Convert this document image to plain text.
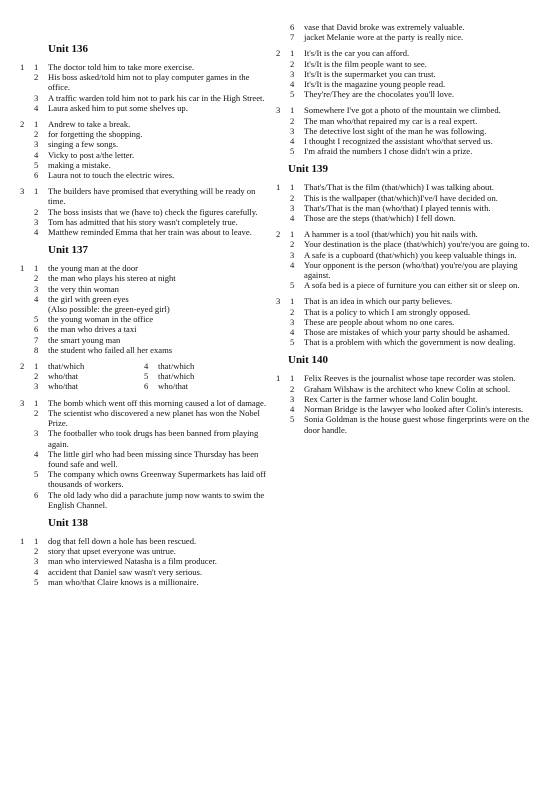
Unit 136
1	1	The doctor told him to take more exercise.
2	His boss asked/told him not to play computer games in the office.
3	A traffic warden told him not to park his car in the High Street.
4	Laura asked him to put some shelves up.
2	1	Andrew to take a break.
2	for forgetting the shopping.
3	singing a few songs.
4	Vicky to post a/the letter.
5	making a mistake.
6	Laura not to touch the electric wires.
3	1	The builders have promised that everything will be ready on time.
2	The boss insists that we (have to) check the figures carefully.
3	Tom has admitted that his story wasn't completely true.
4	Matthew reminded Emma that her train was about to leave.
Unit 137
1	1	the young man at the door
2	the man who plays his stereo at night
3	the very thin woman
4	the girl with green eyes
(Also possible: the green-eyed girl)
5	the young woman in the office
6	the man who drives a taxi
7	the smart young man
8	the student who failed all her exams
2	1	that/which	4	that/which
2	who/that	5	that/which
3	who/that	6	who/that
3	1	The bomb which went off this morning caused a lot of damage.
2	The scientist who discovered a new planet has won the Nobel Prize.
3	The footballer who took drugs has been banned from playing again.
4	The little girl who had been missing since Thursday has been found safe and well.
5	The company which owns Greenway Supermarkets has laid off thousands of workers.
6	The old lady who did a parachute jump now wants to swim the English Channel.
Unit 138
1	1	dog that fell down a hole has been rescued.
2	story that upset everyone was untrue.
3	man who interviewed Natasha is a film producer.
4	accident that Daniel saw wasn't very serious.
5	man who/that Claire knows is a millionaire.
6	vase that David broke was extremely valuable.
7	jacket Melanie wore at the party is really nice.
2	1	It's/It is the car you can afford.
2	It's/It is the film people want to see.
3	It's/It is the supermarket you can trust.
4	It's/It is the magazine young people read.
5	They're/They are the chocolates you'll love.
3	1	Somewhere I've got a photo of the mountain we climbed.
2	The man who/that repaired my car is a real expert.
3	The detective lost sight of the man he was following.
4	I thought I recognized the assistant who/that served us.
5	I'm afraid the numbers I chose didn't win a prize.
Unit 139
1	1	That's/That is the film (that/which) I was talking about.
2	This is the wallpaper (that/which)I've/I have decided on.
3	That's/That is the man (who/that) I played tennis with.
4	Those are the steps (that/which) I fell down.
2	1	A hammer is a tool (that/which) you hit nails with.
2	Your destination is the place (that/which) you're/you are going to.
3	A safe is a cupboard (that/which) you keep valuable things in.
4	Your opponent is the person (who/that) you're/you are playing against.
5	A sofa bed is a piece of furniture you can either sit or sleep on.
3	1	That is an idea in which our party believes.
2	That is a policy to which I am strongly opposed.
3	These are people about whom no one cares.
4	Those are mistakes of which your party should be ashamed.
5	That is a problem with which the government is now dealing.
Unit 140
1	1	Felix Reeves is the journalist whose tape recorder was stolen.
2	Graham Wilshaw is the architect who knew Colin at school.
3	Rex Carter is the farmer whose land Colin bought.
4	Norman Bridge is the lawyer who looked after Colin's interests.
5	Sonia Goldman is the house guest whose fingerprints were on the door handle.
